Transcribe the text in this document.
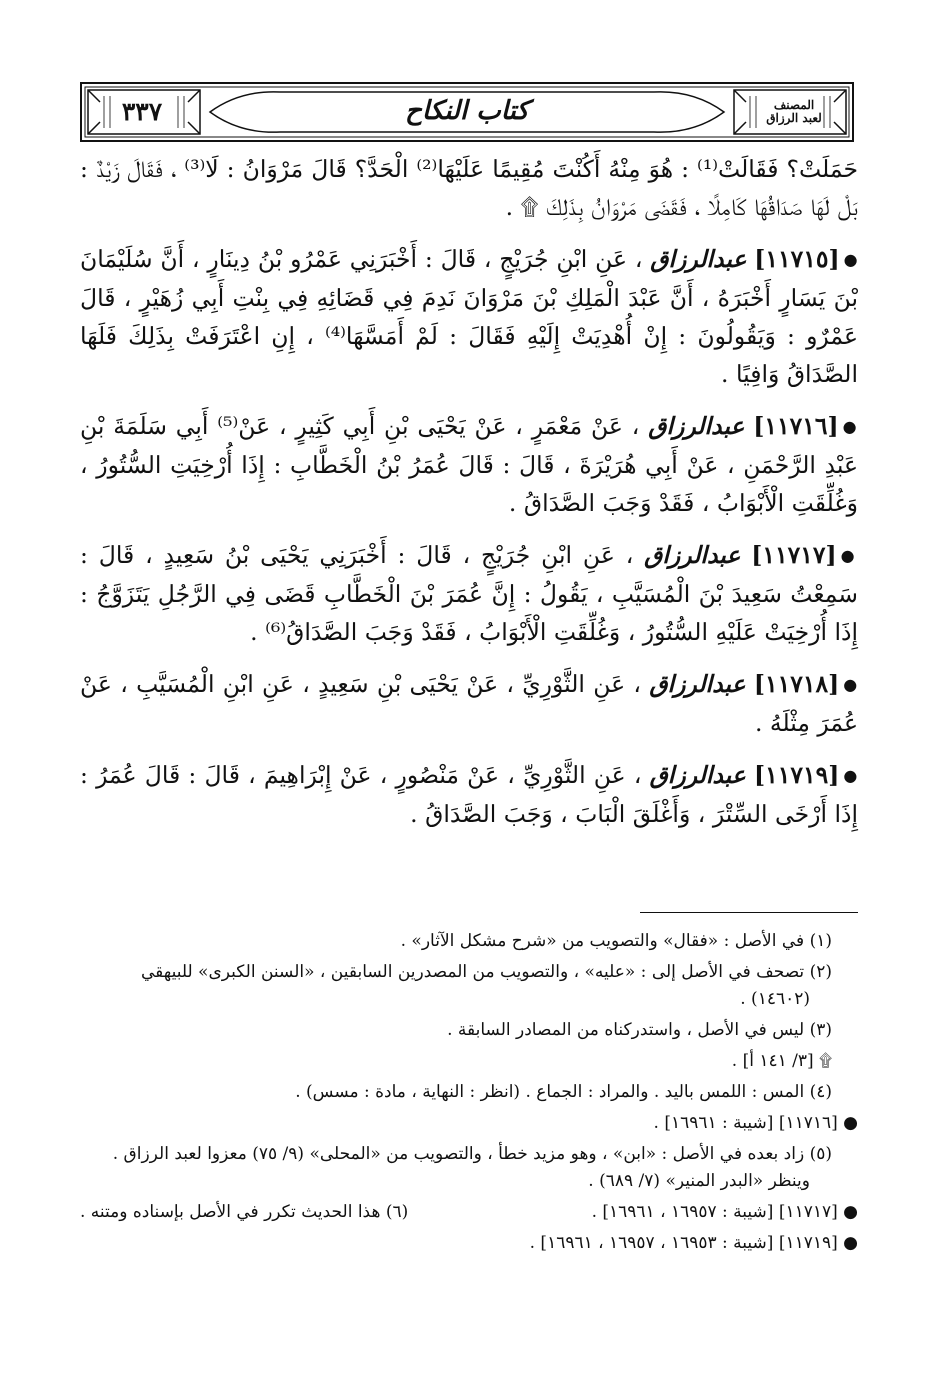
٣٣٧	كتاب النكاح	المصنف
لعبد الرزاق

حَمَلَتْ؟ فَقَالَتْ⁽¹⁾ : هُوَ مِنْهُ أَكُنْتَ مُقِيمًا عَلَيْهَا⁽²⁾ الْحَدَّ؟ قَالَ مَرْوَانُ : لَا⁽³⁾ ، فَقَالَ زَيْدٌ : بَلْ لَهَا صَدَاقُهَا كَامِلًا ، فَقَضَى مَرْوَانُ بِذَلِكَ ۩ .

●[١١٧١٥] عبدالرزاق ، عَنِ ابْنِ جُرَيْجٍ ، قَالَ : أَخْبَرَنِي عَمْرُو بْنُ دِينَارٍ ، أَنَّ سُلَيْمَانَ بْنَ يَسَارٍ أَخْبَرَهُ ، أَنَّ عَبْدَ الْمَلِكِ بْنَ مَرْوَانَ نَدِمَ فِي قَضَائِهِ فِي بِنْتِ أَبِي زُهَيْرٍ ، قَالَ عَمْرٌو : وَيَقُولُونَ : إِنْ أُهْدِيَتْ إِلَيْهِ فَقَالَ : لَمْ أَمَسَّهَا⁽⁴⁾ ، إِنِ اعْتَرَفَتْ بِذَلِكَ فَلَهَا الصَّدَاقُ وَافِيًا .

●[١١٧١٦] عبدالرزاق ، عَنْ مَعْمَرٍ ، عَنْ يَحْيَى بْنِ أَبِي كَثِيرٍ ، عَنْ⁽⁵⁾ أَبِي سَلَمَةَ بْنِ عَبْدِ الرَّحْمَنِ ، عَنْ أَبِي هُرَيْرَةَ ، قَالَ : قَالَ عُمَرُ بْنُ الْخَطَّابِ : إِذَا أُرْخِيَتِ السُّتُورُ ، وَغُلِّقَتِ الْأَبْوَابُ ، فَقَدْ وَجَبَ الصَّدَاقُ .

●[١١٧١٧] عبدالرزاق ، عَنِ ابْنِ جُرَيْجٍ ، قَالَ : أَخْبَرَنِي يَحْيَى بْنُ سَعِيدٍ ، قَالَ : سَمِعْتُ سَعِيدَ بْنَ الْمُسَيَّبِ ، يَقُولُ : إِنَّ عُمَرَ بْنَ الْخَطَّابِ قَضَى فِي الرَّجُلِ يَتَزَوَّجُ : إِذَا أُرْخِيَتْ عَلَيْهِ السُّتُورُ ، وَغُلِّقَتِ الْأَبْوَابُ ، فَقَدْ وَجَبَ الصَّدَاقُ⁽⁶⁾ .

●[١١٧١٨] عبدالرزاق ، عَنِ الثَّوْرِيِّ ، عَنْ يَحْيَى بْنِ سَعِيدٍ ، عَنِ ابْنِ الْمُسَيَّبِ ، عَنْ عُمَرَ مِثْلَهُ .

●[١١٧١٩] عبدالرزاق ، عَنِ الثَّوْرِيِّ ، عَنْ مَنْصُورٍ ، عَنْ إِبْرَاهِيمَ ، قَالَ : قَالَ عُمَرُ : إِذَا أَرْخَى السِّتْرَ ، وَأَغْلَقَ الْبَابَ ، وَجَبَ الصَّدَاقُ .

(١) في الأصل : «فقال» والتصويب من «شرح مشكل الآثار» .
(٢) تصحف في الأصل إلى : «عليه» ، والتصويب من المصدرين السابقين ، «السنن الكبرى» للبيهقي
(١٤٦٠٢) .
(٣) ليس في الأصل ، واستدركناه من المصادر السابقة .
۩ [٣/ ١٤١ أ] .
(٤) المس : اللمس باليد . والمراد : الجماع . (انظر : النهاية ، مادة : مسس) .
● [١١٧١٦] [شيبة : ١٦٩٦١] .
(٥) زاد بعده في الأصل : «ابن» ، وهو مزيد خطأ ، والتصويب من «المحلى» (٩/ ٧٥) معزوا لعبد الرزاق .
وينظر «البدر المنير» (٧/ ٦٨٩) .
● [١١٧١٧] [شيبة : ١٦٩٥٧ ، ١٦٩٦١] .
(٦) هذا الحديث تكرر في الأصل بإسناده ومتنه .
● [١١٧١٩] [شيبة : ١٦٩٥٣ ، ١٦٩٥٧ ، ١٦٩٦١] .
